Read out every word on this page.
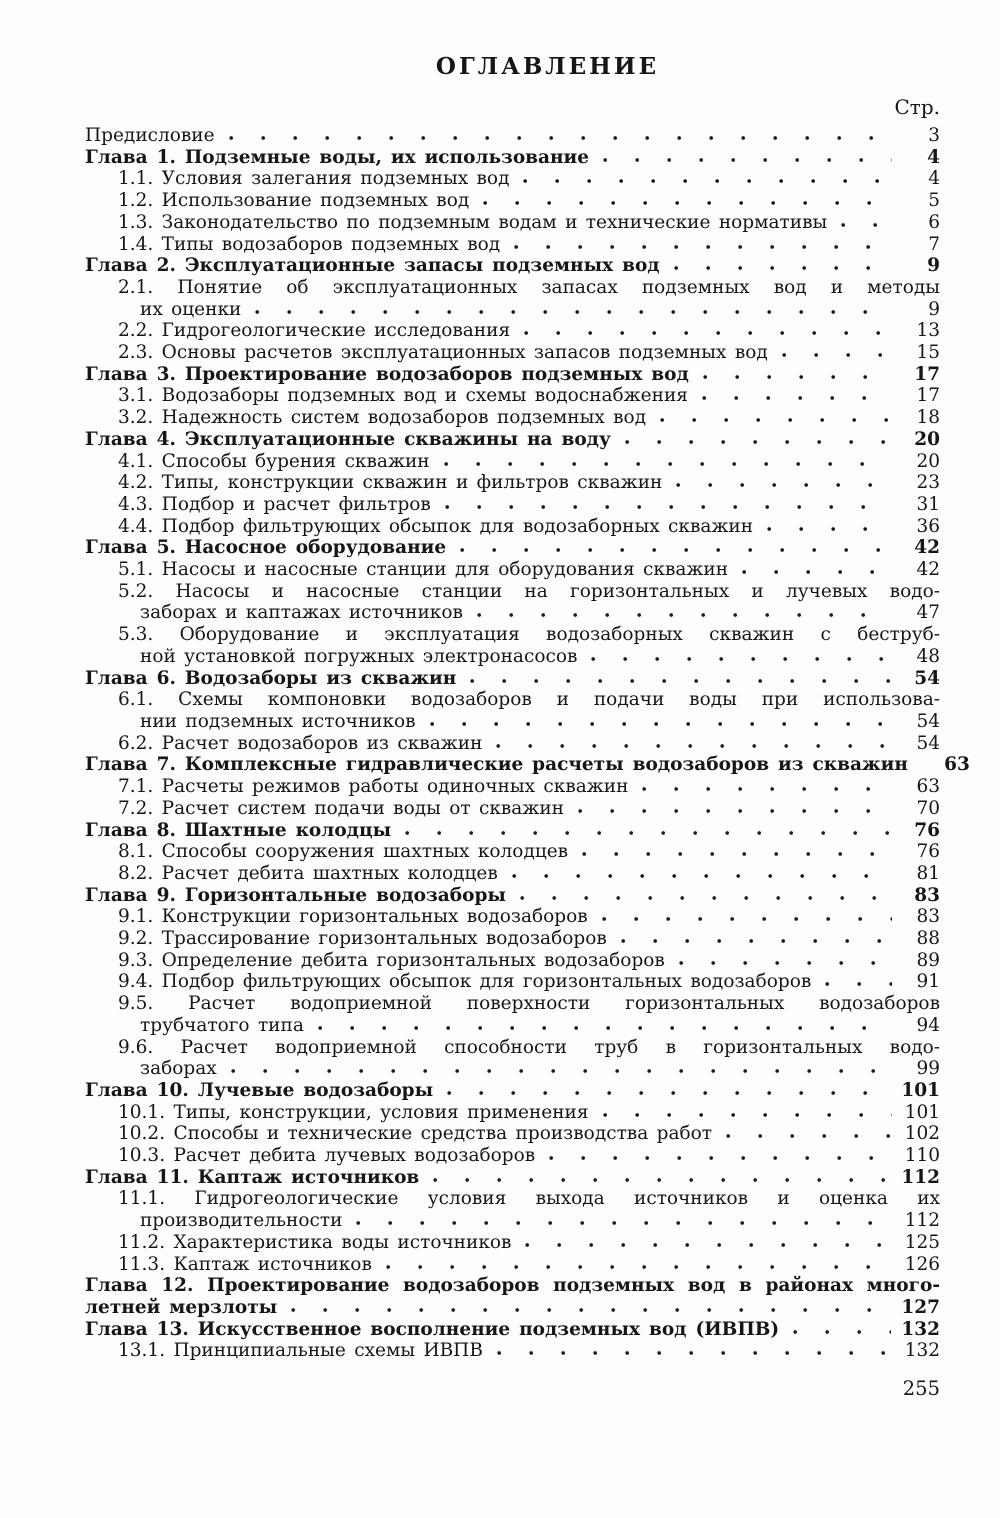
ОГЛАВЛЕНИЕ
Стр.
Предисловие	3
Глава 1. Подземные воды, их использование	4
1.1. Условия залегания подземных вод	4
1.2. Использование подземных вод	5
1.3. Законодательство по подземным водам и технические нормативы	6
1.4. Типы водозаборов подземных вод	7
Глава 2. Эксплуатационные запасы подземных вод	9
2.1. Понятие об эксплуатационных запасах подземных вод и методы
их оценки	9
2.2. Гидрогеологические исследования	13
2.3. Основы расчетов эксплуатационных запасов подземных вод	15
Глава 3. Проектирование водозаборов подземных вод	17
3.1. Водозаборы подземных вод и схемы водоснабжения	17
3.2. Надежность систем водозаборов подземных вод	18
Глава 4. Эксплуатационные скважины на воду	20
4.1. Способы бурения скважин	20
4.2. Типы, конструкции скважин и фильтров скважин	23
4.3. Подбор и расчет фильтров	31
4.4. Подбор фильтрующих обсыпок для водозаборных скважин	36
Глава 5. Насосное оборудование	42
5.1. Насосы и насосные станции для оборудования скважин	42
5.2. Насосы и насосные станции на горизонтальных и лучевых водо-
заборах и каптажах источников	47
5.3. Оборудование и эксплуатация водозаборных скважин с беструб-
ной установкой погружных электронасосов	48
Глава 6. Водозаборы из скважин	54
6.1. Схемы компоновки водозаборов и подачи воды при использова-
нии подземных источников	54
6.2. Расчет водозаборов из скважин	54
Глава 7. Комплексные гидравлические расчеты водозаборов из скважин	63
7.1. Расчеты режимов работы одиночных скважин	63
7.2. Расчет систем подачи воды от скважин	70
Глава 8. Шахтные колодцы	76
8.1. Способы сооружения шахтных колодцев	76
8.2. Расчет дебита шахтных колодцев	81
Глава 9. Горизонтальные водозаборы	83
9.1. Конструкции горизонтальных водозаборов	83
9.2. Трассирование горизонтальных водозаборов	88
9.3. Определение дебита горизонтальных водозаборов	89
9.4. Подбор фильтрующих обсыпок для горизонтальных водозаборов	91
9.5. Расчет водоприемной поверхности горизонтальных водозаборов
трубчатого типа	94
9.6. Расчет водоприемной способности труб в горизонтальных водо-
заборах	99
Глава 10. Лучевые водозаборы	101
10.1. Типы, конструкции, условия применения	101
10.2. Способы и технические средства производства работ	102
10.3. Расчет дебита лучевых водозаборов	110
Глава 11. Каптаж источников	112
11.1. Гидрогеологические условия выхода источников и оценка их
производительности	112
11.2. Характеристика воды источников	125
11.3. Каптаж источников	126
Глава 12. Проектирование водозаборов подземных вод в районах много-
летней мерзлоты	127
Глава 13. Искусственное восполнение подземных вод (ИВПВ)	132
13.1. Принципиальные схемы ИВПВ	132
255
